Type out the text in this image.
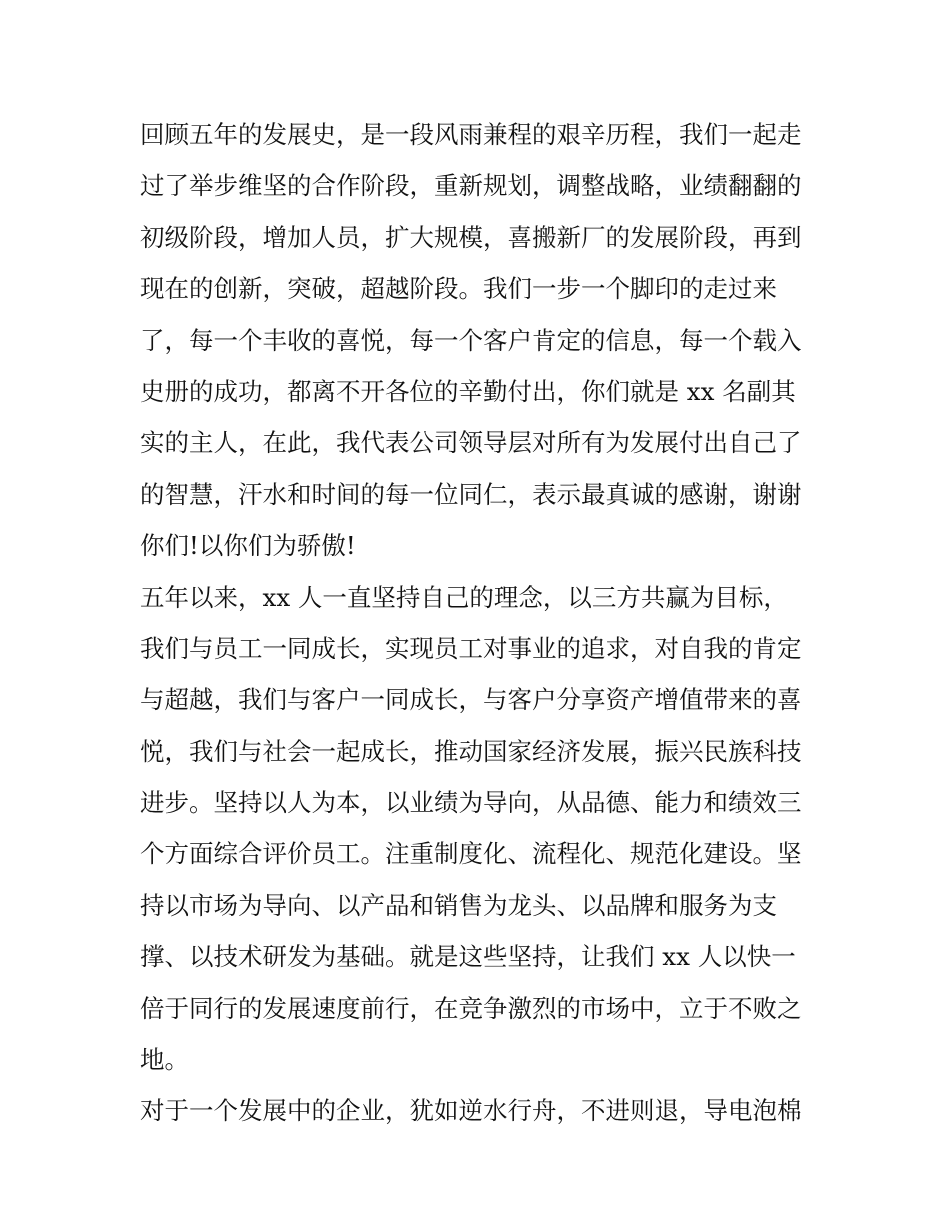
回顾五年的发展史，是一段风雨兼程的艰辛历程，我们一起走
过了举步维坚的合作阶段，重新规划，调整战略，业绩翻翻的
初级阶段，增加人员，扩大规模，喜搬新厂的发展阶段，再到
现在的创新，突破，超越阶段。我们一步一个脚印的走过来
了，每一个丰收的喜悦，每一个客户肯定的信息，每一个载入
史册的成功，都离不开各位的辛勤付出，你们就是 xx 名副其
实的主人，在此，我代表公司领导层对所有为发展付出自己了
的智慧，汗水和时间的每一位同仁，表示最真诚的感谢，谢谢
你们!以你们为骄傲!
五年以来，xx 人一直坚持自己的理念，以三方共赢为目标，
我们与员工一同成长，实现员工对事业的追求，对自我的肯定
与超越，我们与客户一同成长，与客户分享资产增值带来的喜
悦，我们与社会一起成长，推动国家经济发展，振兴民族科技
进步。坚持以人为本，以业绩为导向，从品德、能力和绩效三
个方面综合评价员工。注重制度化、流程化、规范化建设。坚
持以市场为导向、以产品和销售为龙头、以品牌和服务为支
撑、以技术研发为基础。就是这些坚持，让我们 xx 人以快一
倍于同行的发展速度前行，在竞争激烈的市场中，立于不败之
地。
对于一个发展中的企业，犹如逆水行舟，不进则退，导电泡棉
